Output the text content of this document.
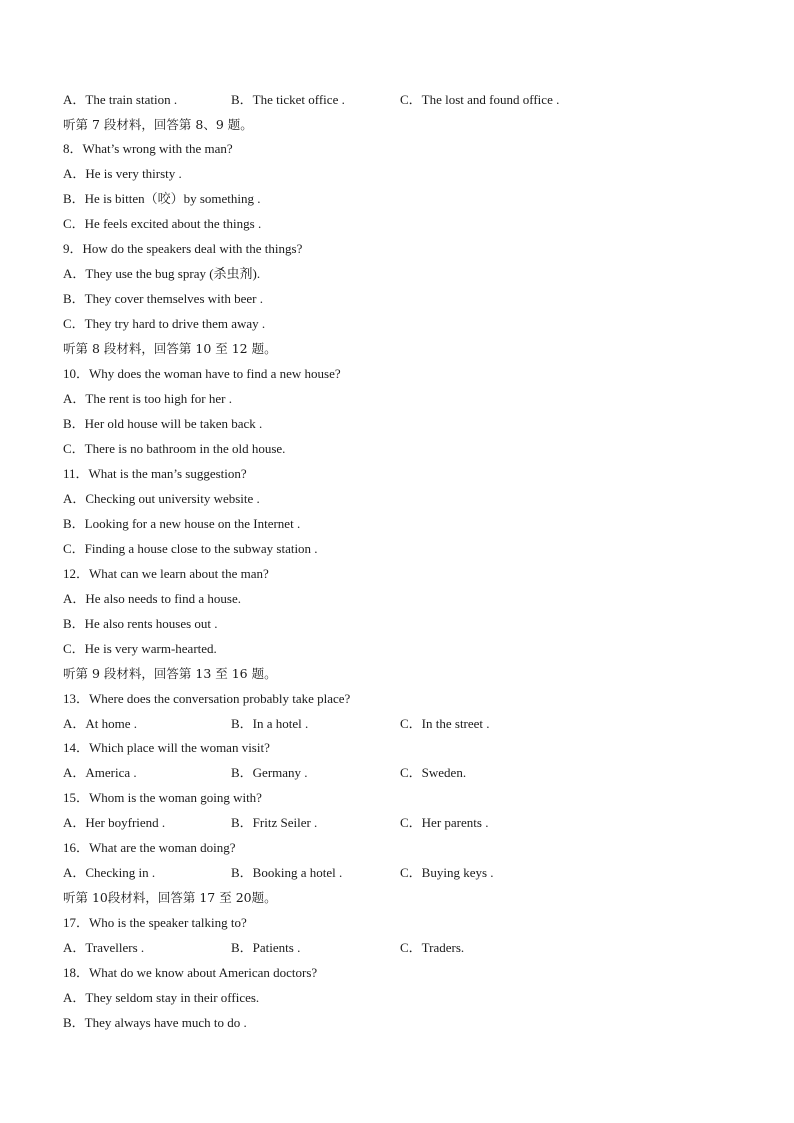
A．The train station .	B．The ticket office .	C．The lost and found office .
听第 7 段材料，回答第 8、9 题。
8．What’s wrong with the man?
A．He is very thirsty .
B．He is bitten（咬）by something .
C．He feels excited about the things .
9．How do the speakers deal with the things?
A．They use the bug spray (杀虫剂).
B．They cover themselves with beer .
C．They try hard to drive them away .
听第 8 段材料，回答第 10 至 12 题。
10．Why does the woman have to find a new house?
A．The rent is too high for her .
B．Her old house will be taken back .
C．There is no bathroom in the old house.
11．What is the man’s suggestion?
A．Checking out university website .
B．Looking for a new house on the Internet .
C．Finding a house close to the subway station .
12．What can we learn about the man?
A．He also needs to find a house.
B．He also rents houses out .
C．He is very warm-hearted.
听第 9 段材料，回答第 13 至 16 题。
13．Where does the conversation probably take place?
A．At home .	B．In a hotel .	C．In the street .
14．Which place will the woman visit?
A．America .	B．Germany .	C．Sweden.
15．Whom is the woman going with?
A．Her boyfriend .	B．Fritz Seiler .	C．Her parents .
16．What are the woman doing?
A．Checking in .	B．Booking a hotel .	C．Buying keys .
听第 10段材料，回答第 17 至 20题。
17．Who is the speaker talking to?
A．Travellers .	B．Patients .	C．Traders.
18．What do we know about American doctors?
A．They seldom stay in their offices.
B．They always have much to do .
